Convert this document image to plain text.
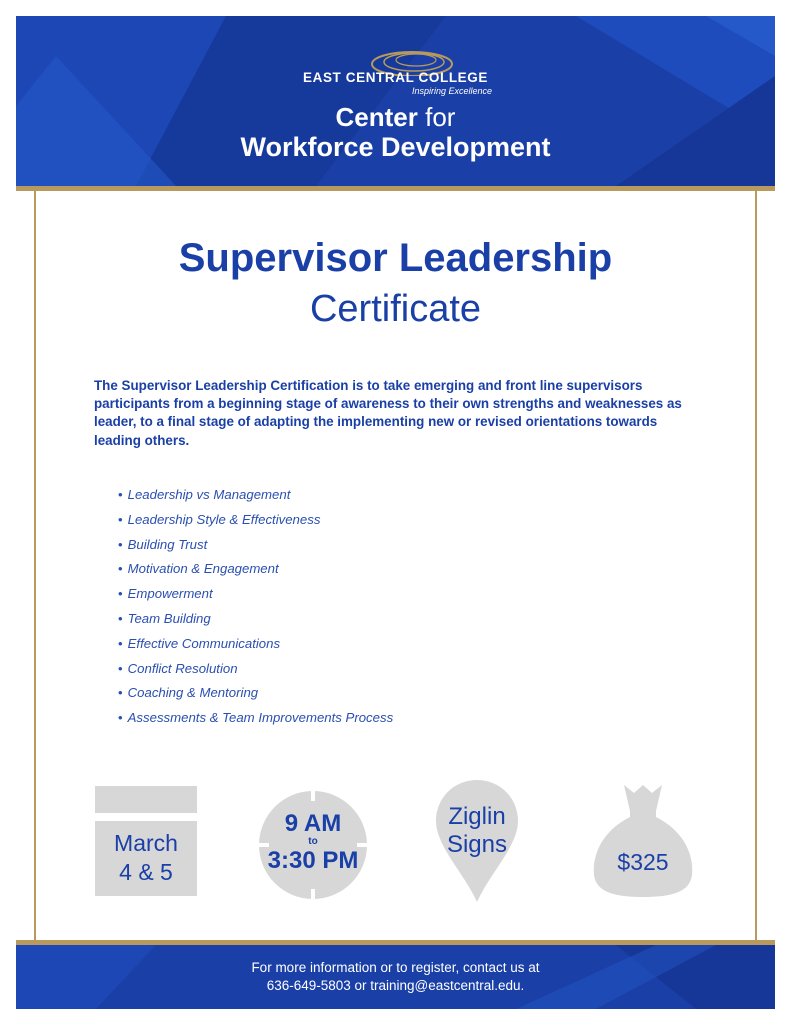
EAST CENTRAL COLLEGE
Inspiring Excellence
Center for
Workforce Development
Supervisor Leadership
Certificate
The Supervisor Leadership Certification is to take emerging and front line supervisors participants from a beginning stage of awareness to their own strengths and weaknesses as leader, to a final stage of adapting the implementing new or revised orientations towards leading others.
• Leadership vs Management
• Leadership Style & Effectiveness
• Building Trust
• Motivation & Engagement
• Empowerment
• Team Building
• Effective Communications
• Conflict Resolution
• Coaching & Mentoring
• Assessments & Team Improvements Process
March
4 & 5
9 AM
to
3:30 PM
Ziglin
Signs
$325
For more information or to register, contact us at
636-649-5803 or training@eastcentral.edu.
